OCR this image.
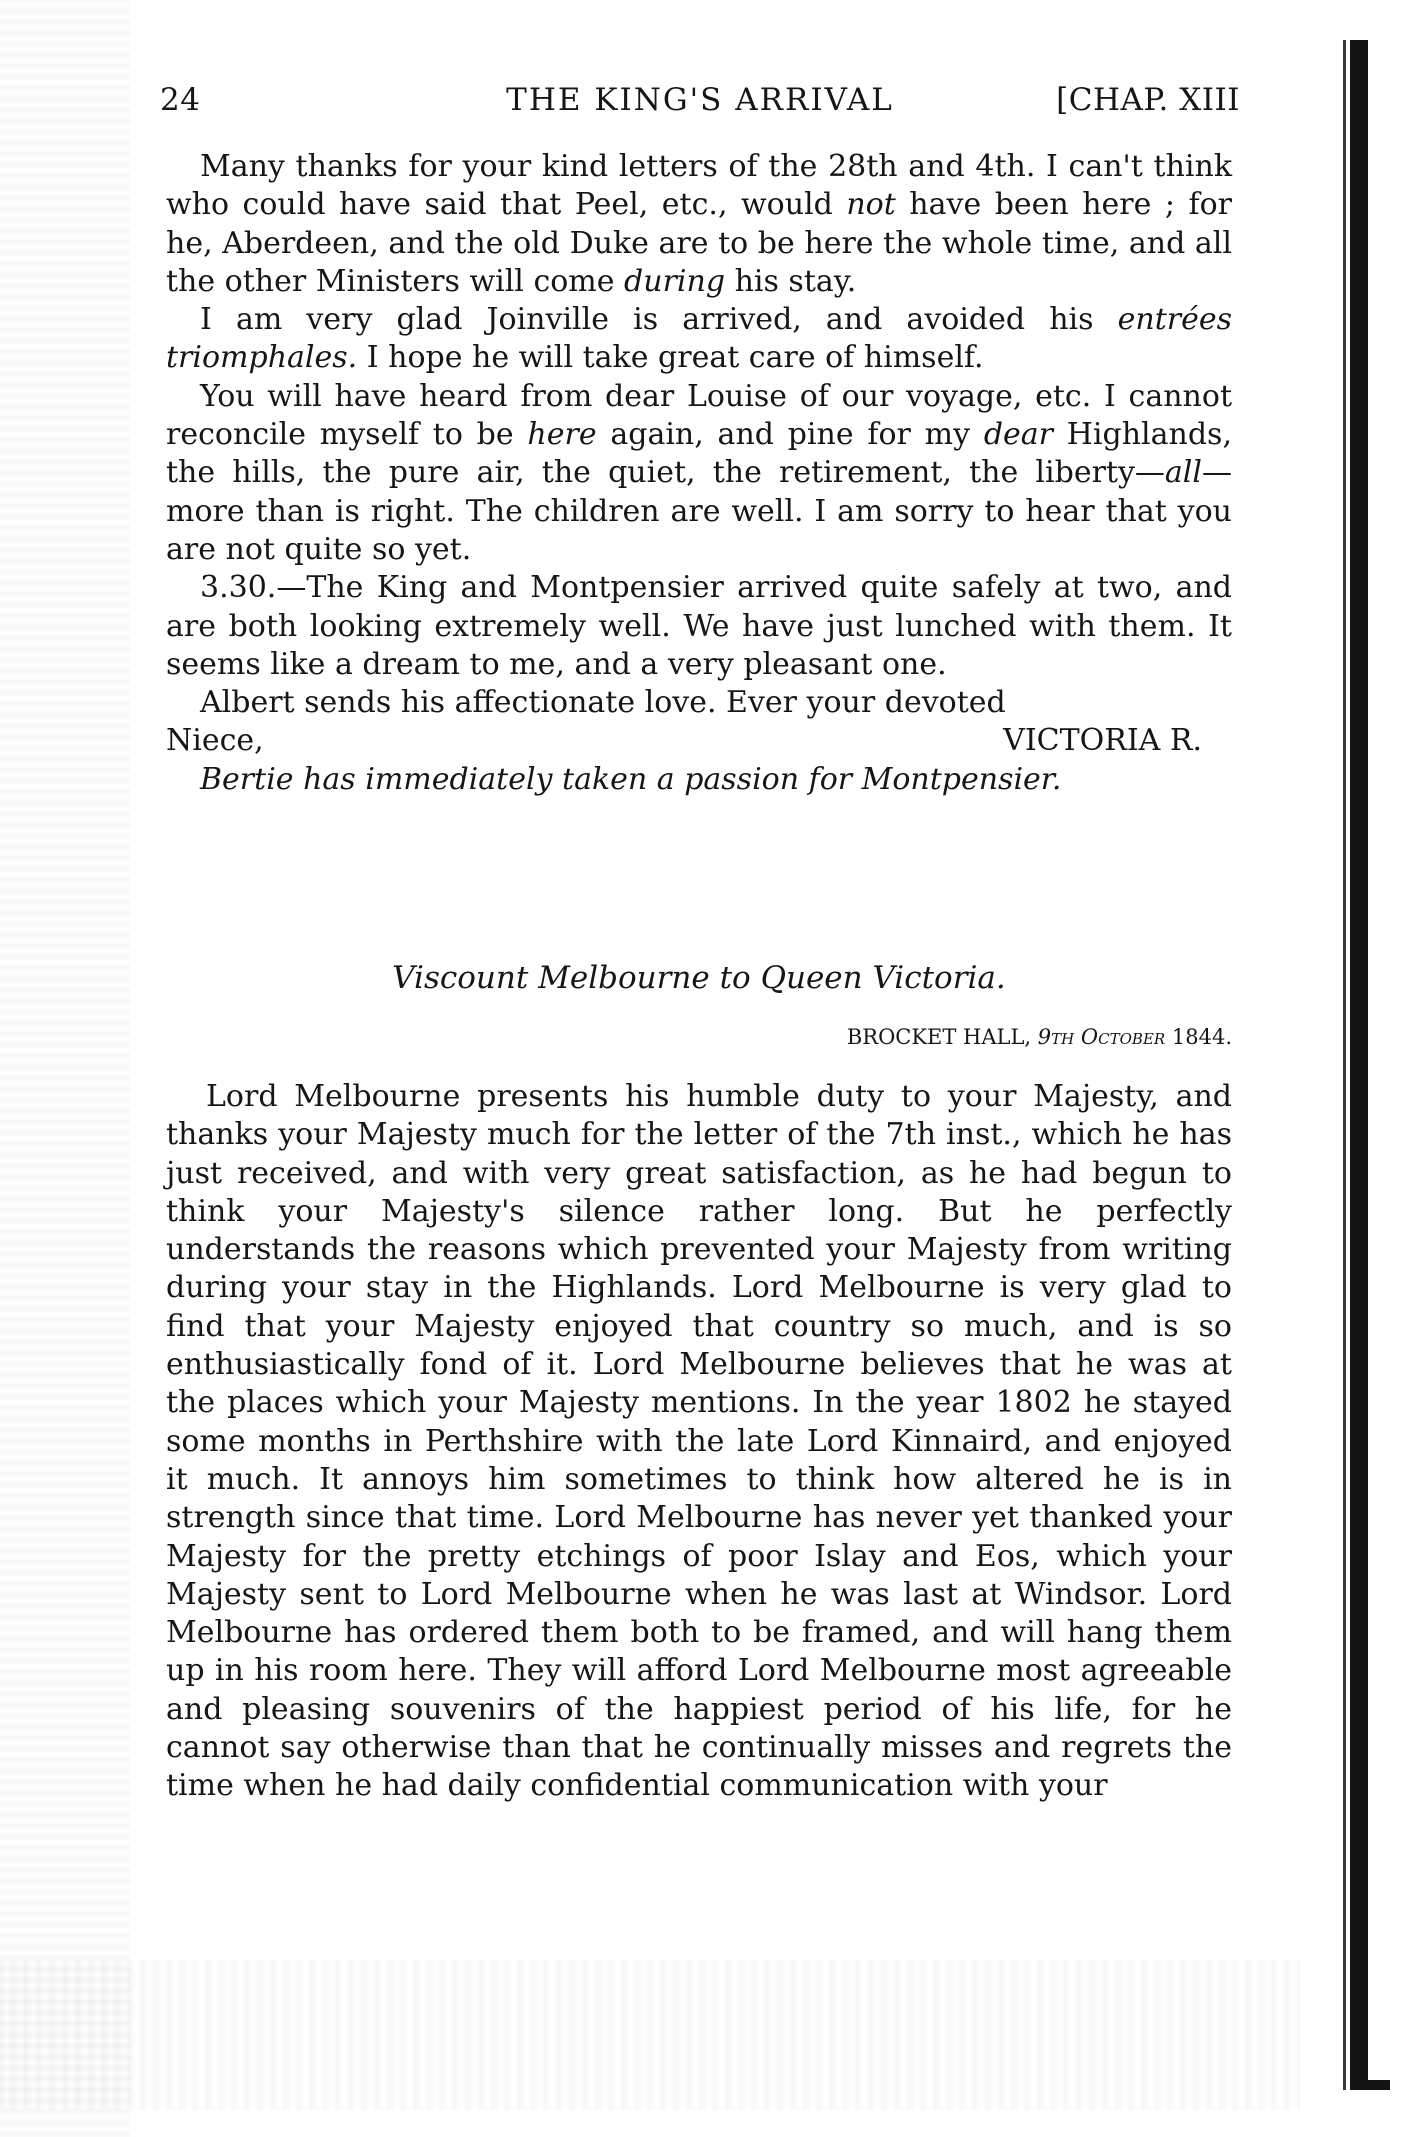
24	THE KING'S ARRIVAL	[CHAP. XIII

Many thanks for your kind letters of the 28th and 4th. I can't think who could have said that Peel, etc., would not have been here ; for he, Aberdeen, and the old Duke are to be here the whole time, and all the other Ministers will come during his stay.

I am very glad Joinville is arrived, and avoided his entrées triomphales. I hope he will take great care of himself.

You will have heard from dear Louise of our voyage, etc. I cannot reconcile myself to be here again, and pine for my dear Highlands, the hills, the pure air, the quiet, the retirement, the liberty—all—more than is right. The children are well. I am sorry to hear that you are not quite so yet.

3.30.—The King and Montpensier arrived quite safely at two, and are both looking extremely well. We have just lunched with them. It seems like a dream to me, and a very pleasant one.

Albert sends his affectionate love. Ever your devoted

Niece,	VICTORIA R.

Bertie has immediately taken a passion for Montpensier.

Viscount Melbourne to Queen Victoria.
BROCKET HALL, 9th October 1844.

Lord Melbourne presents his humble duty to your Majesty, and thanks your Majesty much for the letter of the 7th inst., which he has just received, and with very great satisfaction, as he had begun to think your Majesty's silence rather long. But he perfectly understands the reasons which prevented your Majesty from writing during your stay in the Highlands. Lord Melbourne is very glad to find that your Majesty enjoyed that country so much, and is so enthusiastically fond of it. Lord Melbourne believes that he was at the places which your Majesty mentions. In the year 1802 he stayed some months in Perthshire with the late Lord Kinnaird, and enjoyed it much. It annoys him sometimes to think how altered he is in strength since that time. Lord Melbourne has never yet thanked your Majesty for the pretty etchings of poor Islay and Eos, which your Majesty sent to Lord Melbourne when he was last at Windsor. Lord Melbourne has ordered them both to be framed, and will hang them up in his room here. They will afford Lord Melbourne most agreeable and pleasing souvenirs of the happiest period of his life, for he cannot say otherwise than that he continually misses and regrets the time when he had daily confidential communication with your
